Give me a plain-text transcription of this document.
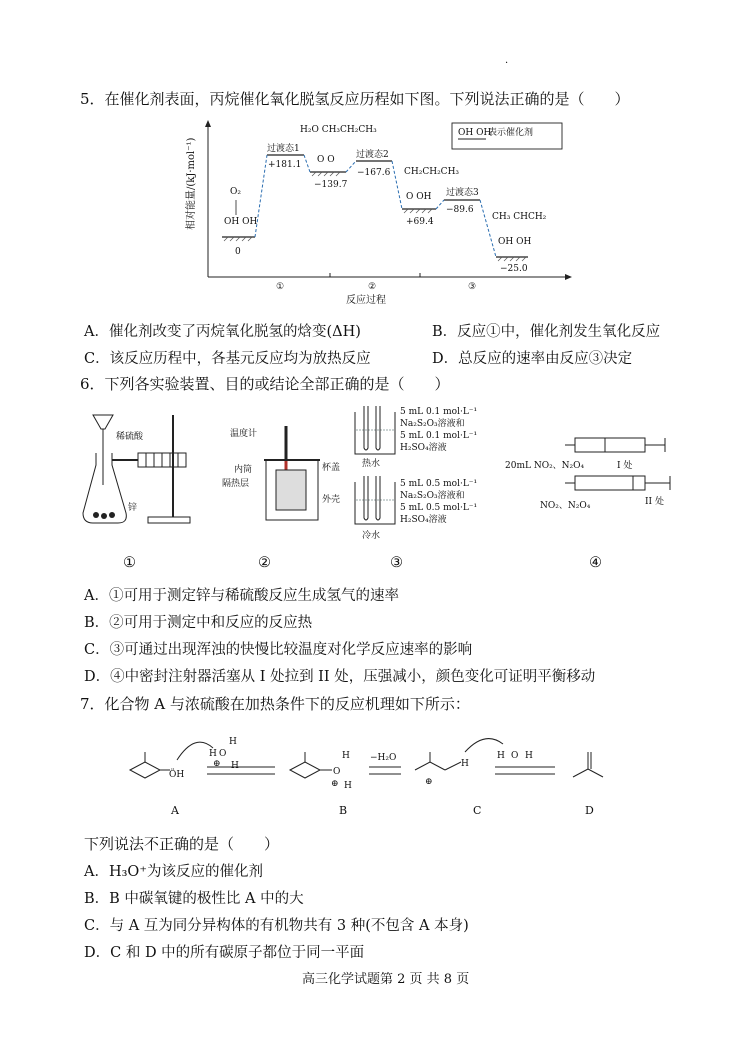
·
5．在催化剂表面，丙烷催化氧化脱氢反应历程如下图。下列说法正确的是（　　）
相对能量/(kJ·mol⁻¹)	OH OH
O₂
0
过渡态1
+181.1
H₂O CH₃CH₂CH₃
O O
−139.7
过渡态2
−167.6 CH₂CH₂CH₃
O OH
+69.4
过渡态3
−89.6
CH₃ CHCH₂
OH OH
−25.0
OH OH
表示催化剂
①	②	③
反应过程
A．催化剂改变了丙烷氧化脱氢的焓变(ΔH)	B．反应①中，催化剂发生氧化反应
C．该反应历程中，各基元反应均为放热反应	D．总反应的速率由反应③决定
6．下列各实验装置、目的或结论全部正确的是（　　）
稀硫酸
锌
①
温度计
内筒
隔热层
杯盖
外壳
②
5 mL 0.1 mol·L⁻¹
Na₂S₂O₃溶液和
5 mL 0.1 mol·L⁻¹
H₂SO₄溶液
热水
5 mL 0.5 mol·L⁻¹
Na₂S₂O₃溶液和
5 mL 0.5 mol·L⁻¹
H₂SO₄溶液
冷水
③
20mL NO₂、N₂O₄
NO₂、N₂O₄
I 处
II 处
④
A．①可用于测定锌与稀硫酸反应生成氢气的速率
B．②可用于测定中和反应的反应热
C．③可通过出现浑浊的快慢比较温度对化学反应速率的影响
D．④中密封注射器活塞从 I 处拉到 II 处，压强减小，颜色变化可证明平衡移动
7．化合物 A 与浓硫酸在加热条件下的反应机理如下所示：
ÖH
H O
H
H
⊕
A
O
H
H
⊕
B
−H₂O
⊕
H
H O H
C	D
下列说法不正确的是（　　）
A．H₃O⁺为该反应的催化剂
B．B 中碳氧键的极性比 A 中的大
C．与 A 互为同分异构体的有机物共有 3 种(不包含 A 本身)
D．C 和 D 中的所有碳原子都位于同一平面
高三化学试题第 2 页 共 8 页
